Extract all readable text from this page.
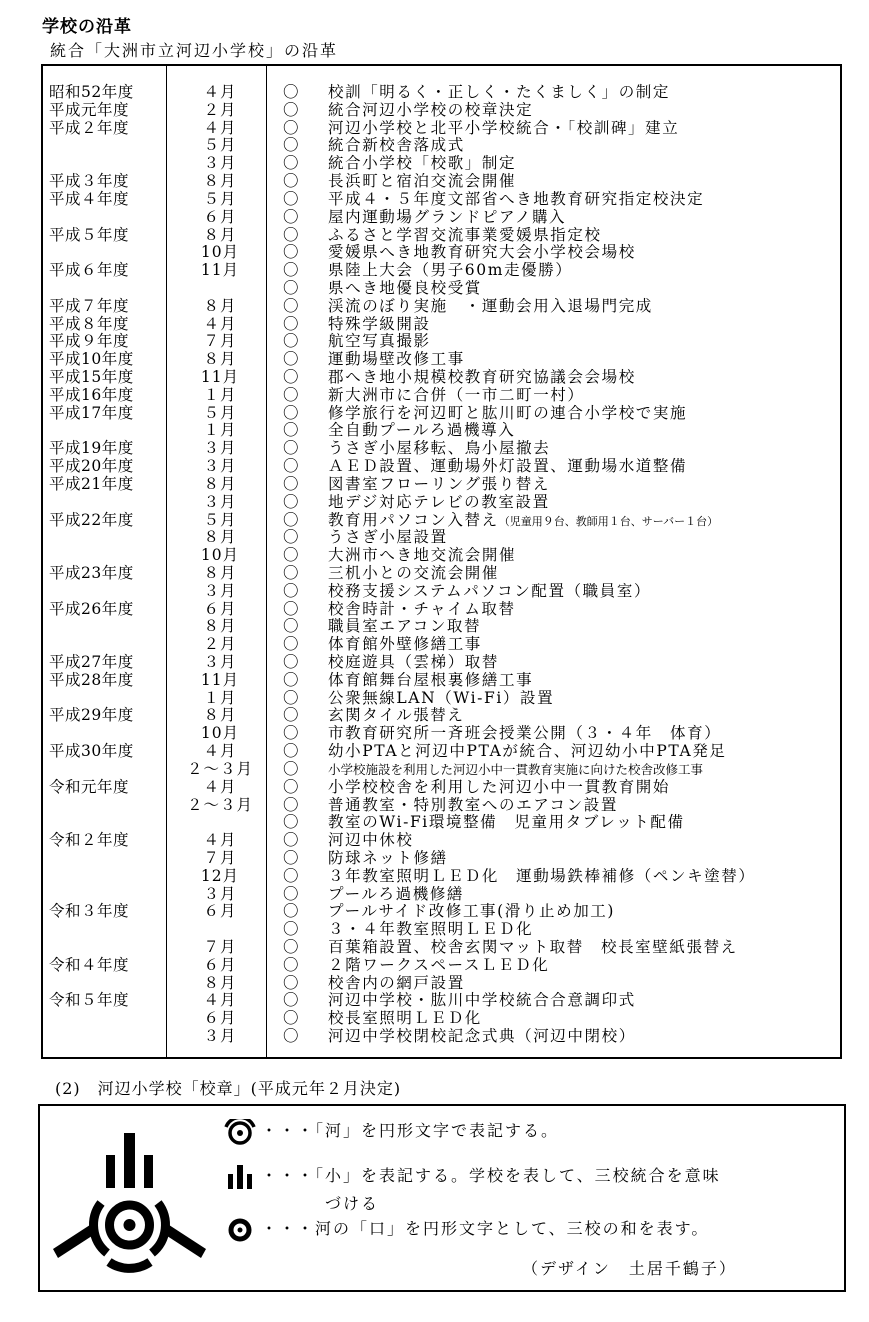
学校の沿革
統合「大洲市立河辺小学校」の沿革
昭和52年度	４月	〇 校訓「明るく・正しく・たくましく」の制定
平成元年度	２月	〇 統合河辺小学校の校章決定
平成２年度	４月	〇 河辺小学校と北平小学校統合・「校訓碑」建立
５月	〇 統合新校舎落成式
３月	〇 統合小学校「校歌」制定
平成３年度	８月	〇 長浜町と宿泊交流会開催
平成４年度	５月	〇 平成４・５年度文部省へき地教育研究指定校決定
６月	〇 屋内運動場グランドピアノ購入
平成５年度	８月	〇 ふるさと学習交流事業愛媛県指定校
10月	〇 愛媛県へき地教育研究大会小学校会場校
平成６年度	11月	〇 県陸上大会（男子60m走優勝）
〇 県へき地優良校受賞
平成７年度	８月	〇 渓流のぼり実施　・運動会用入退場門完成
平成８年度	４月	〇 特殊学級開設
平成９年度	７月	〇 航空写真撮影
平成10年度	８月	〇 運動場壁改修工事
平成15年度	11月	〇 郡へき地小規模校教育研究協議会会場校
平成16年度	１月	〇 新大洲市に合併（一市二町一村）
平成17年度	５月	〇 修学旅行を河辺町と肱川町の連合小学校で実施
１月	〇 全自動プールろ過機導入
平成19年度	３月	〇 うさぎ小屋移転、鳥小屋撤去
平成20年度	３月	〇 ＡＥＤ設置、運動場外灯設置、運動場水道整備
平成21年度	８月	〇 図書室フローリング張り替え
３月	〇 地デジ対応テレビの教室設置
平成22年度	５月	〇 教育用パソコン入替え（児童用９台、教師用１台、サーバー１台）
８月	〇 うさぎ小屋設置
10月	〇 大洲市へき地交流会開催
平成23年度	８月	〇 三机小との交流会開催
３月	〇 校務支援システムパソコン配置（職員室）
平成26年度	６月	〇 校舎時計・チャイム取替
８月	〇 職員室エアコン取替
２月	〇 体育館外壁修繕工事
平成27年度	３月	〇 校庭遊具（雲梯）取替
平成28年度	11月	〇 体育館舞台屋根裏修繕工事
１月	〇 公衆無線LAN（Wi-Fi）設置
平成29年度	８月	〇 玄関タイル張替え
10月	〇 市教育研究所一斉班会授業公開（３・４年　体育）
平成30年度	４月	〇 幼小PTAと河辺中PTAが統合、河辺幼小中PTA発足
２～３月	〇 小学校施設を利用した河辺小中一貫教育実施に向けた校舎改修工事
令和元年度	４月	〇 小学校校舎を利用した河辺小中一貫教育開始
２～３月	〇 普通教室・特別教室へのエアコン設置
〇 教室のWi-Fi環境整備　児童用タブレット配備
令和２年度	４月	〇 河辺中休校
７月	〇 防球ネット修繕
12月	〇 ３年教室照明ＬＥＤ化　運動場鉄棒補修（ペンキ塗替）
３月	〇 プールろ過機修繕
令和３年度	６月	〇 プールサイド改修工事(滑り止め加工)
〇 ３・４年教室照明ＬＥＤ化
７月	〇 百葉箱設置、校舎玄関マット取替　校長室壁紙張替え
令和４年度	６月	〇 ２階ワークスペースＬＥＤ化
８月	〇 校舎内の網戸設置
令和５年度	４月	〇 河辺中学校・肱川中学校統合合意調印式
６月	〇 校長室照明ＬＥＤ化
３月	〇 河辺中学校閉校記念式典（河辺中閉校）
(2)　河辺小学校「校章」(平成元年２月決定)
・・・「河」を円形文字で表記する。
・・・「小」を表記する。学校を表して、三校統合を意味
づける
・・・河の「口」を円形文字として、三校の和を表す。
（デザイン　土居千鶴子）
